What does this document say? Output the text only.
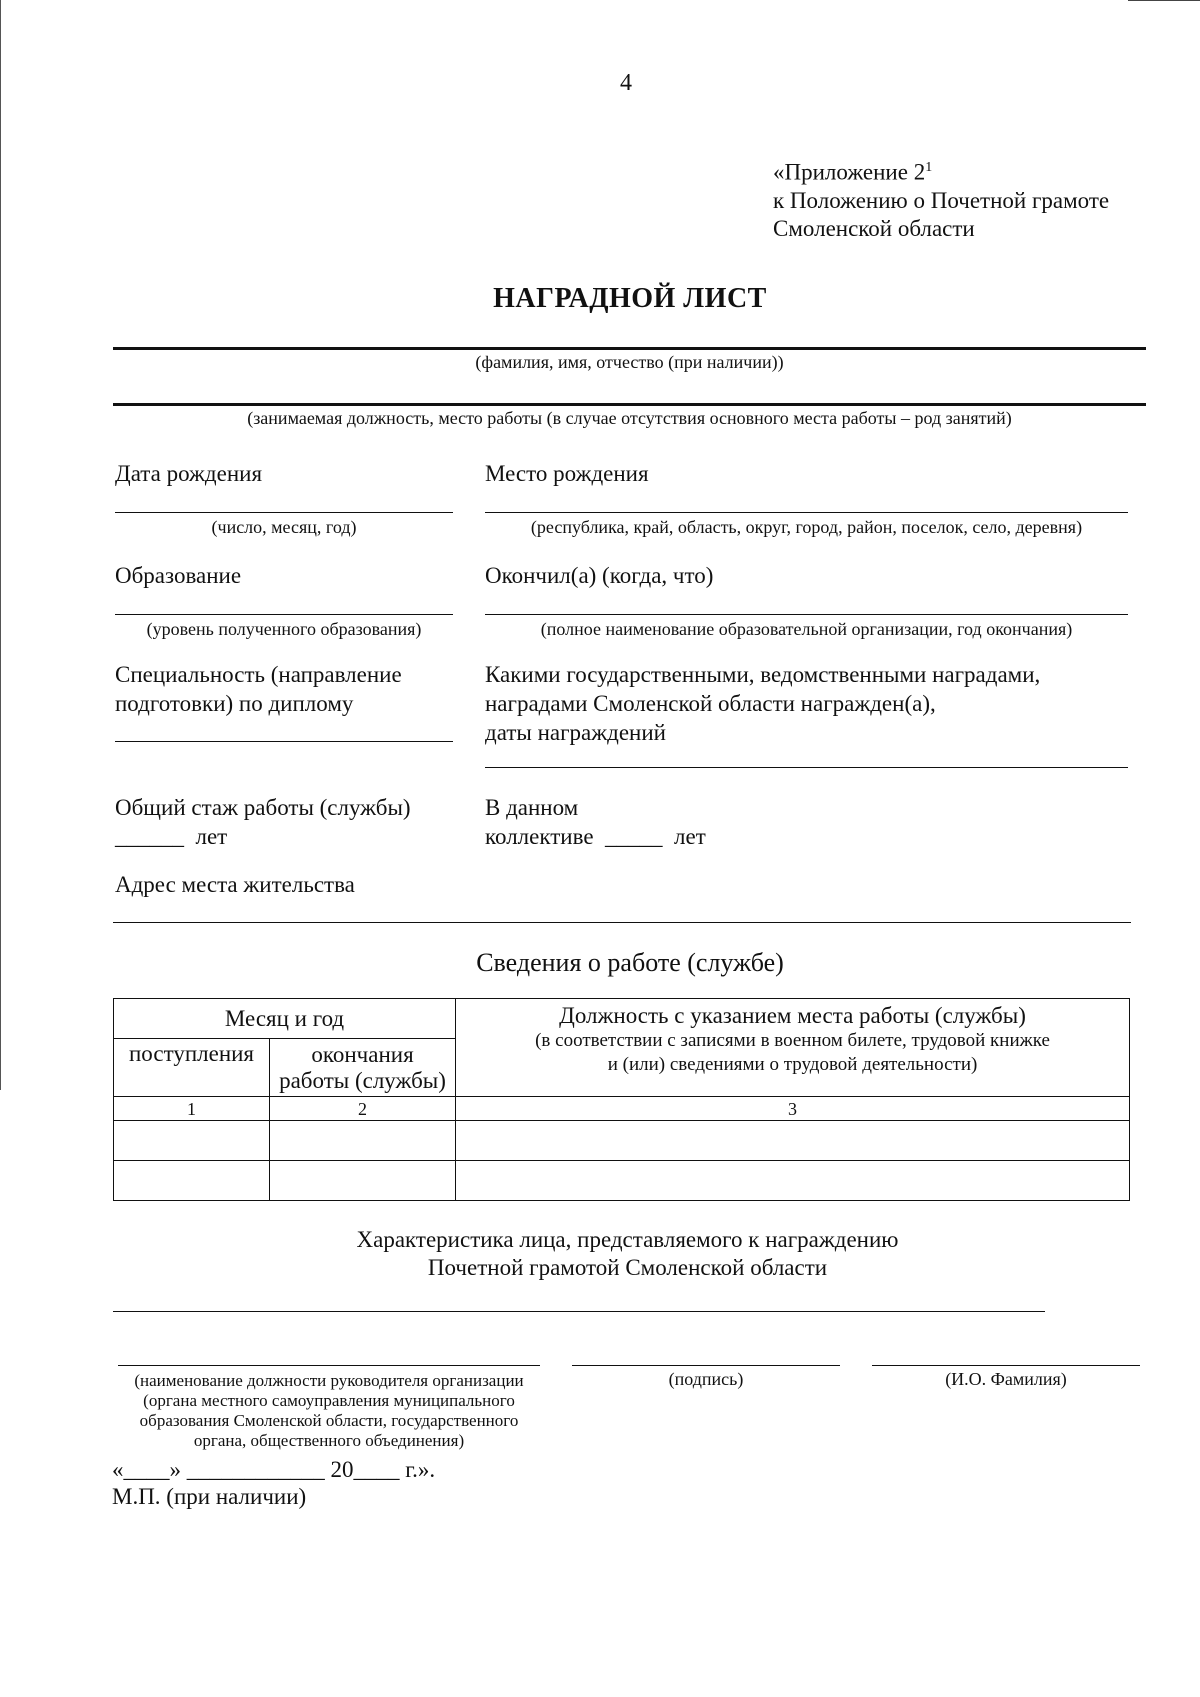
4
«Приложение $2^1$
к Положению о Почетной грамоте
Смоленской области
НАГРАДНОЙ ЛИСТ
(фамилия, имя, отчество (при наличии))
(занимаемая должность, место работы (в случае отсутствия основного места работы – род занятий)
Дата рождения
(число, месяц, год)
Место рождения
(республика, край, область, округ, город, район, поселок, село, деревня)
Образование
(уровень полученного образования)
Окончил(а) (когда, что)
(полное наименование образовательной организации, год окончания)
Специальность (направление
подготовки) по диплому
Какими государственными, ведомственными наградами,
наградами Смоленской области награжден(а),
даты награждений
Общий стаж работы (службы)
______ лет
В данном
коллективе _____ лет
Адрес места жительства
Сведения о работе (службе)
Месяц и год		Должность с указанием места работы (службы)
(в соответствии с записями в военном билете, трудовой книжке
и (или) сведениями о трудовой деятельности)

поступления	окончания
работы (службы)	

1	2	3

Характеристика лица, представляемого к награждению
Почетной грамотой Смоленской области
(наименование должности руководителя организации
(органа местного самоуправления муниципального
образования Смоленской области, государственного
органа, общественного объединения)
(подпись)	(И.О. Фамилия)
«____» ____________ 20____ г.».
М.П. (при наличии)
